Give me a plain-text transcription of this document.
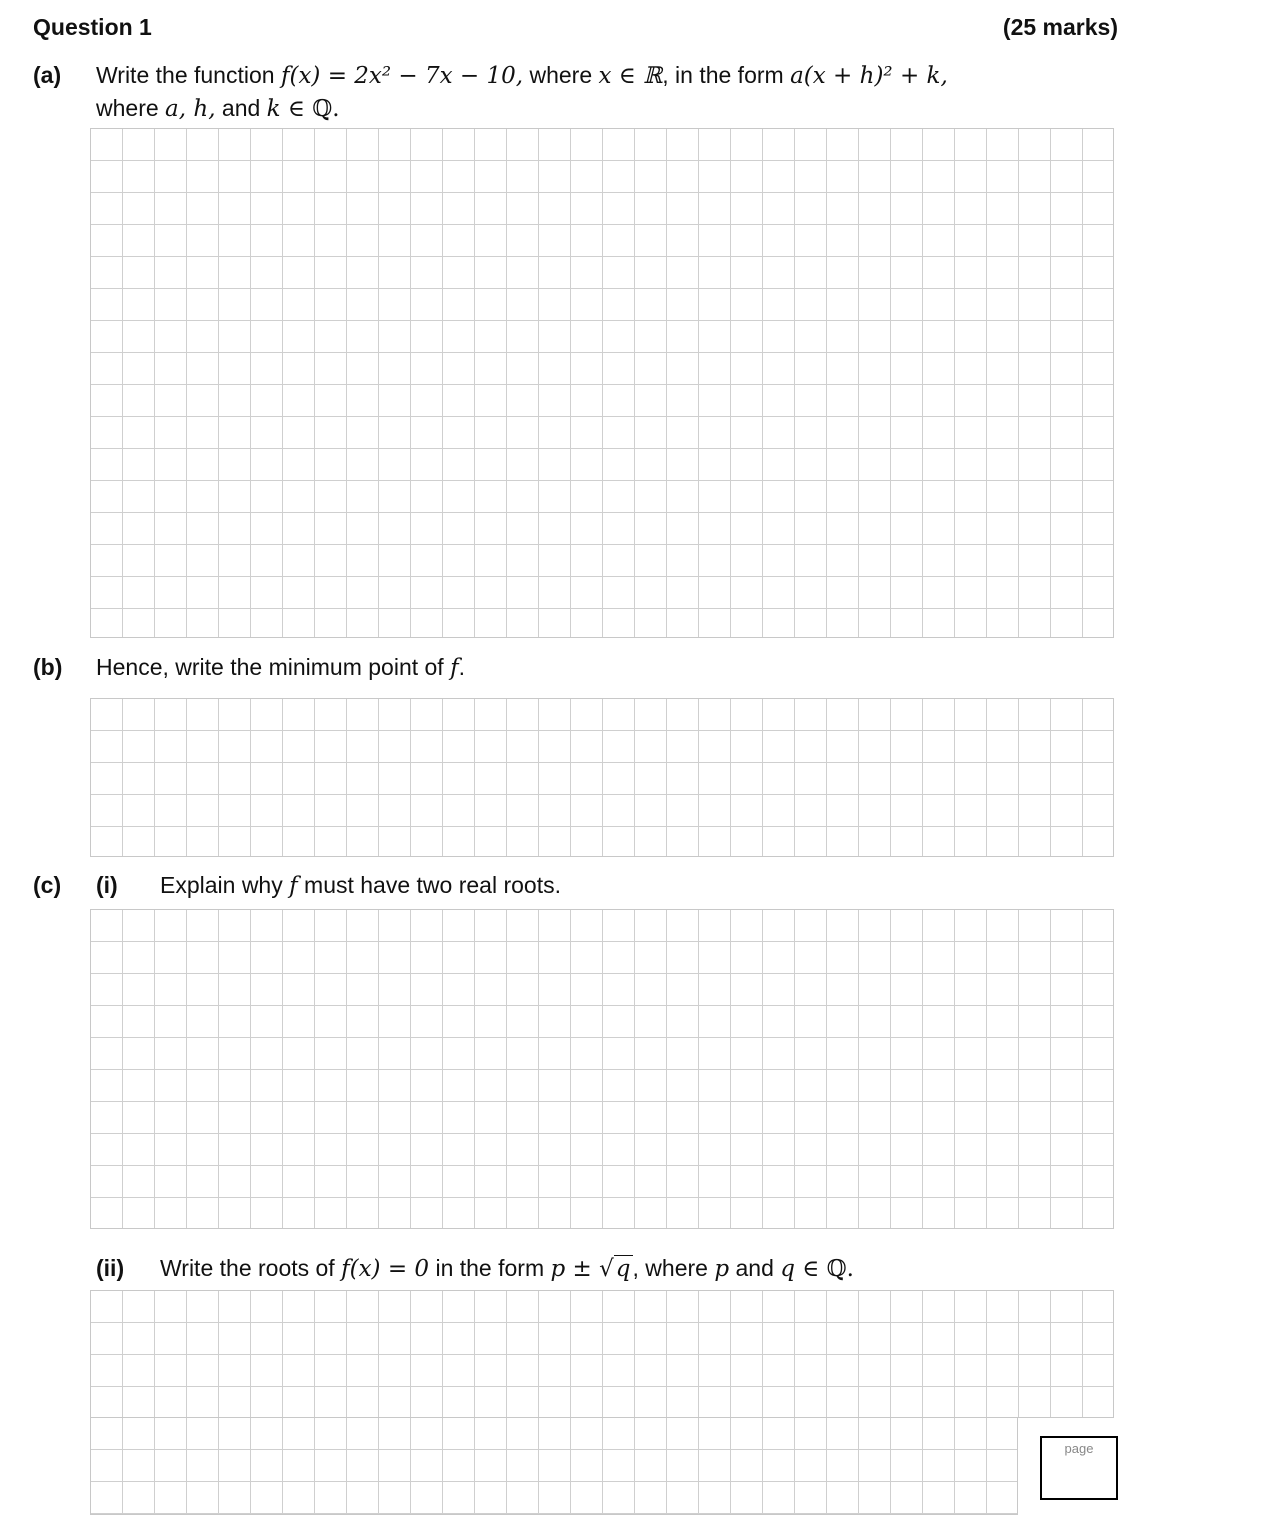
Question 1	(25 marks)
(a) Write the function f(x) = 2x² − 7x − 10, where x ∈ ℝ, in the form a(x + h)² + k,
where a, h, and k ∈ ℚ.
(b) Hence, write the minimum point of f.
(c) (i) Explain why f must have two real roots.
(ii) Write the roots of f(x) = 0 in the form p ± √q, where p and q ∈ ℚ.
page
